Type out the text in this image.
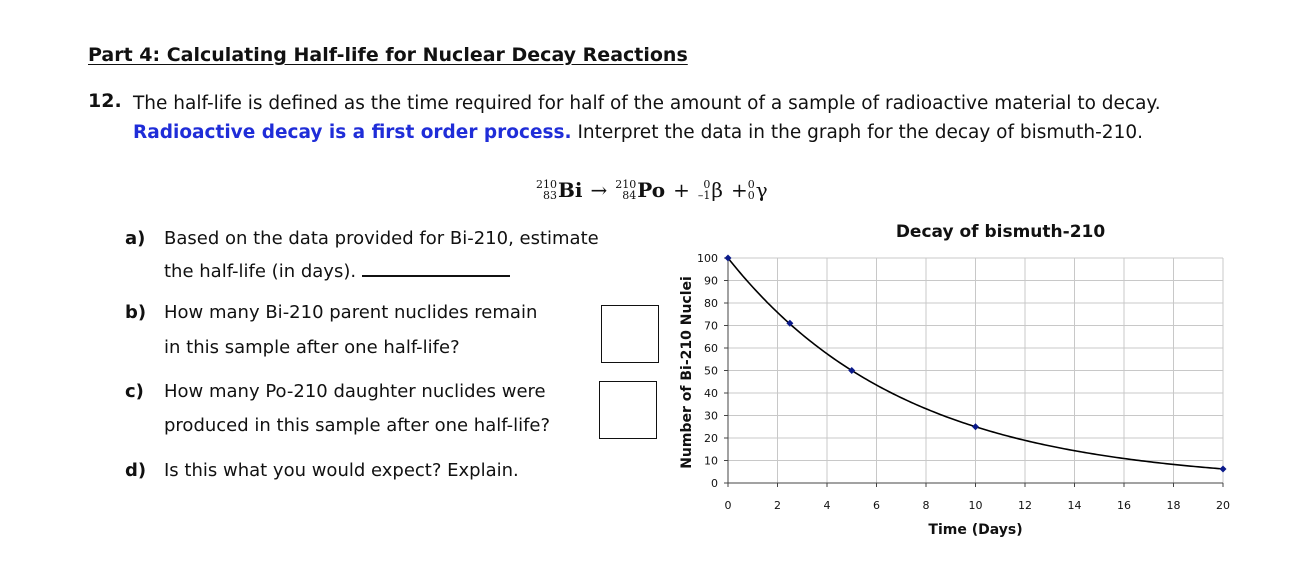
Part 4: Calculating Half-life for Nuclear Decay Reactions
12. The half-life is defined as the time required for half of the amount of a sample of radioactive material to decay. Radioactive decay is a first order process. Interpret the data in the graph for the decay of bismuth-210.
210
83 Bi → 210
84 Po + 0
–1 β + 0
0 γ
a) Based on the data provided for Bi-210, estimate
the half-life (in days).
b) How many Bi-210 parent nuclides remain
in this sample after one half-life?
c) How many Po-210 daughter nuclides were
produced in this sample after one half-life?
d) Is this what you would expect? Explain.
0
10
20
30
40
50
60
70
80
90
100
0	2	4	6	8	10	12	14	16	18	20
Decay of bismuth-210
Time (Days)
Number of Bi-210 Nuclei
